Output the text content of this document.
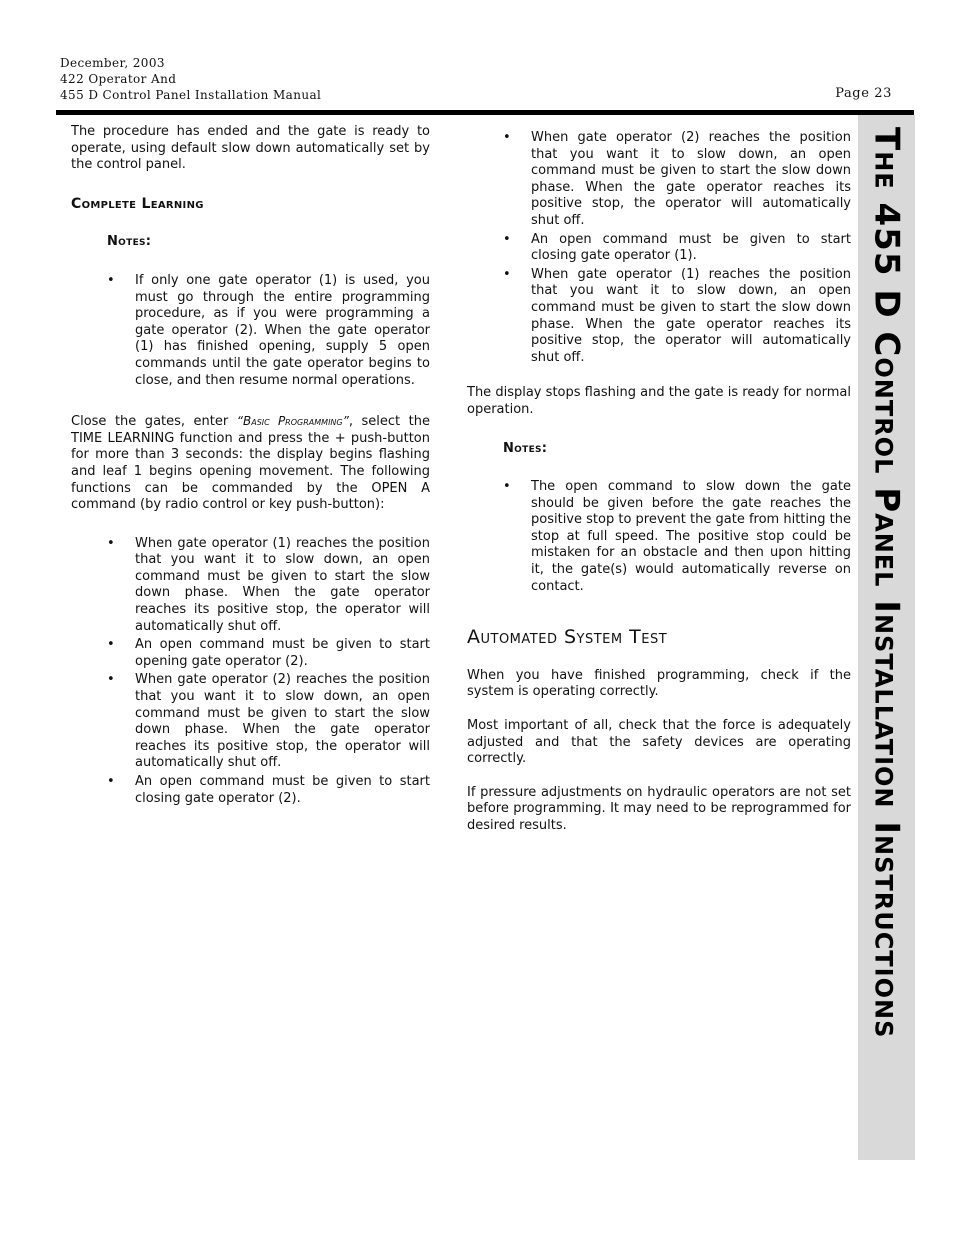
December, 2003
422 Operator And
455 D Control Panel Installation Manual	Page 23

The procedure has ended and the gate is ready to operate, using default slow down automatically set by the control panel.

Complete Learning
Notes:
• If only one gate operator (1) is used, you must go through the entire programming procedure, as if you were programming a gate operator (2). When the gate operator (1) has finished opening, supply 5 open commands until the gate operator begins to close, and then resume normal operations.

Close the gates, enter “Basic Programming”, select the TIME LEARNING function and press the + push-button for more than 3 seconds: the display begins flashing and leaf 1 begins opening movement. The following functions can be commanded by the OPEN A command (by radio control or key push-button):

• When gate operator (1) reaches the position that you want it to slow down, an open command must be given to start the slow down phase. When the gate operator reaches its positive stop, the operator will automatically shut off.
• An open command must be given to start opening gate operator (2).
• When gate operator (2) reaches the position that you want it to slow down, an open command must be given to start the slow down phase. When the gate operator reaches its positive stop, the operator will automatically shut off.
• An open command must be given to start closing gate operator (2).
• When gate operator (2) reaches the position that you want it to slow down, an open command must be given to start the slow down phase. When the gate operator reaches its positive stop, the operator will automatically shut off.
• An open command must be given to start closing gate operator (1).
• When gate operator (1) reaches the position that you want it to slow down, an open command must be given to start the slow down phase. When the gate operator reaches its positive stop, the operator will automatically shut off.

The display stops flashing and the gate is ready for normal operation.

Notes:
• The open command to slow down the gate should be given before the gate reaches the positive stop to prevent the gate from hitting the stop at full speed. The positive stop could be mistaken for an obstacle and then upon hitting it, the gate(s) would automatically reverse on contact.
Automated System Test

When you have finished programming, check if the system is operating correctly.

Most important of all, check that the force is adequately adjusted and that the safety devices are operating correctly.

If pressure adjustments on hydraulic operators are not set before programming. It may need to be reprogrammed for desired results.	The 455 D Control Panel Installation Instructions
